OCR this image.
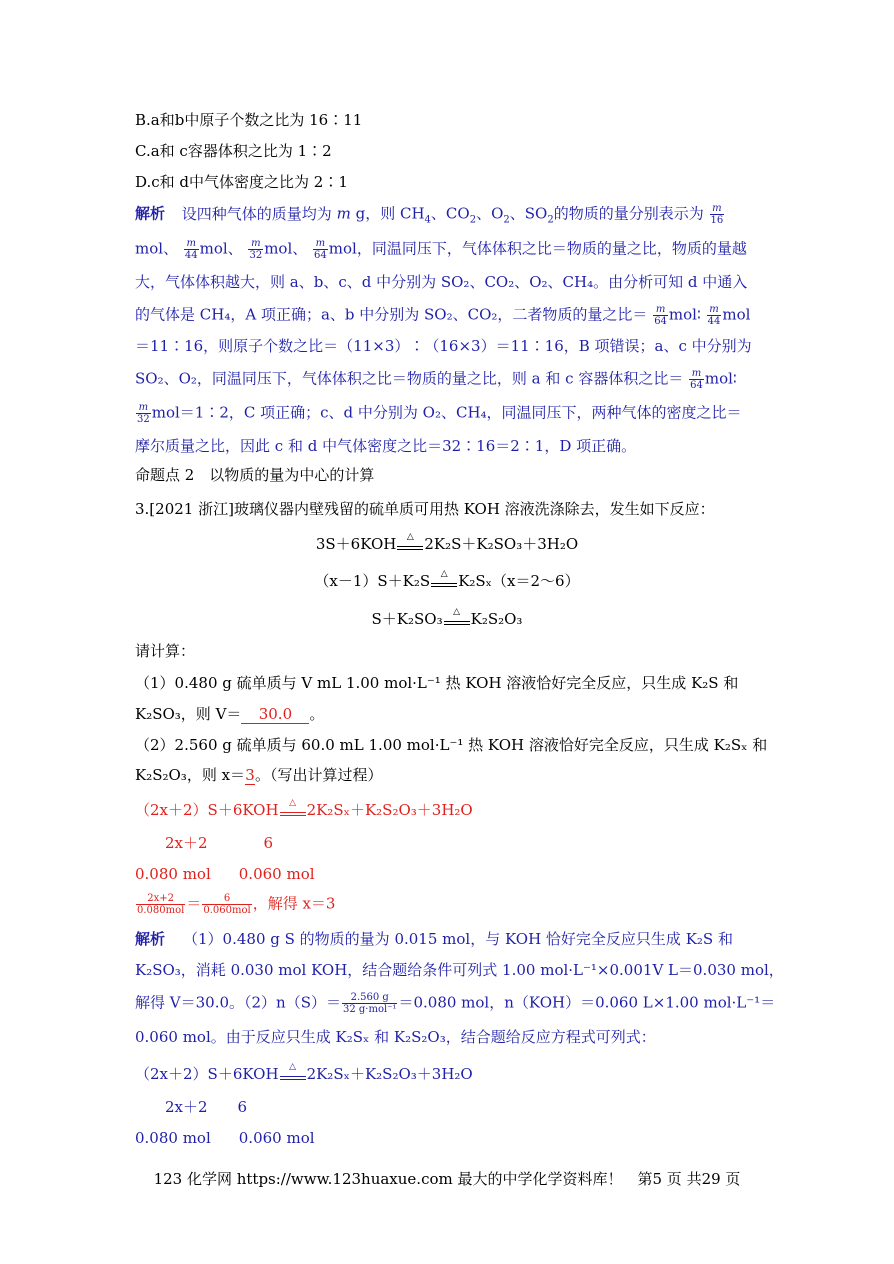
B.a和b中原子个数之比为 16∶11
C.a和 c容器体积之比为 1∶2
D.c和 d中气体密度之比为 2∶1
解析 设四种气体的质量均为 m g，则 $CH_4$、$CO_2$、$O_2$、$SO_2$的物质的量分别表示为 $\frac{m}{16}$
mol、 $\frac{m}{44}$ mol、 $\frac{m}{32}$ mol、 $\frac{m}{64}$ mol，同温同压下，气体体积之比＝物质的量之比，物质的量越
大，气体体积越大，则 a、b、c、d 中分别为 SO₂、CO₂、O₂、CH₄。由分析可知 d 中通入
的气体是 CH₄，A 项正确；a、b 中分别为 SO₂、CO₂，二者物质的量之比＝ $\frac{m}{64}$ mol∶ $\frac{m}{44}$ mol
＝11∶16，则原子个数之比＝（11×3）∶（16×3）＝11∶16，B 项错误；a、c 中分别为
SO₂、O₂，同温同压下，气体体积之比＝物质的量之比，则 a 和 c 容器体积之比＝ $\frac{m}{64}$ mol∶
$\frac{m}{32}$ mol＝1∶2，C 项正确；c、d 中分别为 O₂、CH₄，同温同压下，两种气体的密度之比＝
摩尔质量之比，因此 c 和 d 中气体密度之比＝32∶16＝2∶1，D 项正确。
命题点 2　以物质的量为中心的计算
3.[2021 浙江]玻璃仪器内壁残留的硫单质可用热 KOH 溶液洗涤除去，发生如下反应：
3S＋6KOH	△ 2K₂S＋K₂SO₃＋3H₂O
（x－1）S＋K₂S	△ K₂Sₓ（x＝2～6）
S＋K₂SO₃	△ K₂S₂O₃
请计算：
（1）0.480 g 硫单质与 V mL 1.00 mol·L⁻¹ 热 KOH 溶液恰好完全反应，只生成 K₂S 和
K₂SO₃，则 V＝ 30.0 。
（2）2.560 g 硫单质与 60.0 mL 1.00 mol·L⁻¹ 热 KOH 溶液恰好完全反应，只生成 K₂Sₓ 和
K₂S₂O₃，则 x＝3。（写出计算过程）
（2x＋2）S＋6KOH	△ 2K₂Sₓ＋K₂S₂O₃＋3H₂O
2x＋2	6
0.080 mol 0.060 mol
$\frac{2x+2}{\text{0.080mol}} = \frac{6}{\text{0.060mol}}$ ，解得 x＝3
解析 （1）0.480 g S 的物质的量为 0.015 mol，与 KOH 恰好完全反应只生成 K₂S 和
K₂SO₃，消耗 0.030 mol KOH，结合题给条件可列式 1.00 mol·L⁻¹×0.001V L＝0.030 mol，
解得 V＝30.0。$(2)n(S)= \frac{2.560 g}{\text{32 g·mol⁻¹}} =0.080$ mol，n（KOH）＝0.060 L×1.00 mol·L⁻¹＝
0.060 mol。由于反应只生成 K₂Sₓ 和 K₂S₂O₃，结合题给反应方程式可列式：
（2x＋2）S＋6KOH	△ 2K₂Sₓ＋K₂S₂O₃＋3H₂O
2x＋2 6
0.080 mol 0.060 mol
123 化学网 https://www.123huaxue.com 最大的中学化学资料库！　第5 页 共29 页
